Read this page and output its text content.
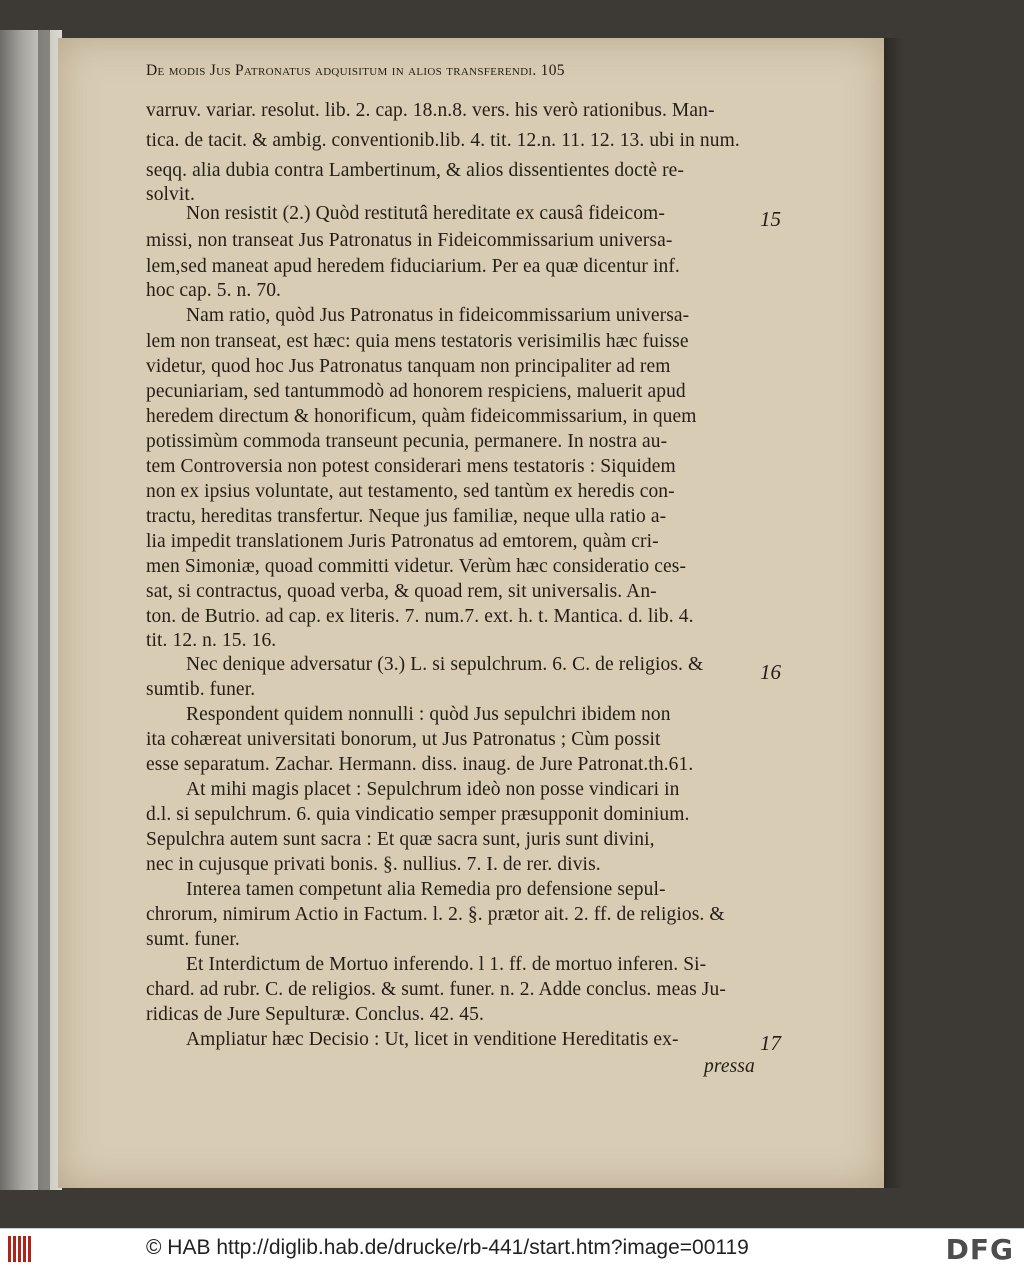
De modis Jus Patronatus adquisitum in alios transferendi. 105
varruv. variar. resolut. lib. 2. cap. 18.n.8. vers. his verò rationibus. Man-
tica. de tacit. & ambig. conventionib.lib. 4. tit. 12.n. 11. 12. 13. ubi in num.
seqq. alia dubia contra Lambertinum, & alios dissentientes doctè re-
solvit.
Non resistit (2.) Quòd restitutâ hereditate ex causâ fideicom-	15
missi, non transeat Jus Patronatus in Fideicommissarium universa-
lem,sed maneat apud heredem fiduciarium. Per ea quæ dicentur inf.
hoc cap. 5. n. 70.
Nam ratio, quòd Jus Patronatus in fideicommissarium universa-
lem non transeat, est hæc: quia mens testatoris verisimilis hæc fuisse
videtur, quod hoc Jus Patronatus tanquam non principaliter ad rem
pecuniariam, sed tantummodò ad honorem respiciens, maluerit apud
heredem directum & honorificum, quàm fideicommissarium, in quem
potissimùm commoda transeunt pecunia, permanere. In nostra au-
tem Controversia non potest considerari mens testatoris : Siquidem
non ex ipsius voluntate, aut testamento, sed tantùm ex heredis con-
tractu, hereditas transfertur. Neque jus familiæ, neque ulla ratio a-
lia impedit translationem Juris Patronatus ad emtorem, quàm cri-
men Simoniæ, quoad committi videtur. Verùm hæc consideratio ces-
sat, si contractus, quoad verba, & quoad rem, sit universalis. An-
ton. de Butrio. ad cap. ex literis. 7. num.7. ext. h. t. Mantica. d. lib. 4.
tit. 12. n. 15. 16.
Nec denique adversatur (3.) L. si sepulchrum. 6. C. de religios. &	16
sumtib. funer.
Respondent quidem nonnulli : quòd Jus sepulchri ibidem non
ita cohæreat universitati bonorum, ut Jus Patronatus ; Cùm possit
esse separatum. Zachar. Hermann. diss. inaug. de Jure Patronat.th.61.
At mihi magis placet : Sepulchrum ideò non posse vindicari in
d.l. si sepulchrum. 6. quia vindicatio semper præsupponit dominium.
Sepulchra autem sunt sacra : Et quæ sacra sunt, juris sunt divini,
nec in cujusque privati bonis. §. nullius. 7. I. de rer. divis.
Interea tamen competunt alia Remedia pro defensione sepul-
chrorum, nimirum Actio in Factum. l. 2. §. prætor ait. 2. ff. de religios. &
sumt. funer.
Et Interdictum de Mortuo inferendo. l 1. ff. de mortuo inferen. Si-
chard. ad rubr. C. de religios. & sumt. funer. n. 2. Adde conclus. meas Ju-
ridicas de Jure Sepulturæ. Conclus. 42. 45.
Ampliatur hæc Decisio : Ut, licet in venditione Hereditatis ex-	17
pressa
© HAB http://diglib.hab.de/drucke/rb-441/start.htm?image=00119	DFG
